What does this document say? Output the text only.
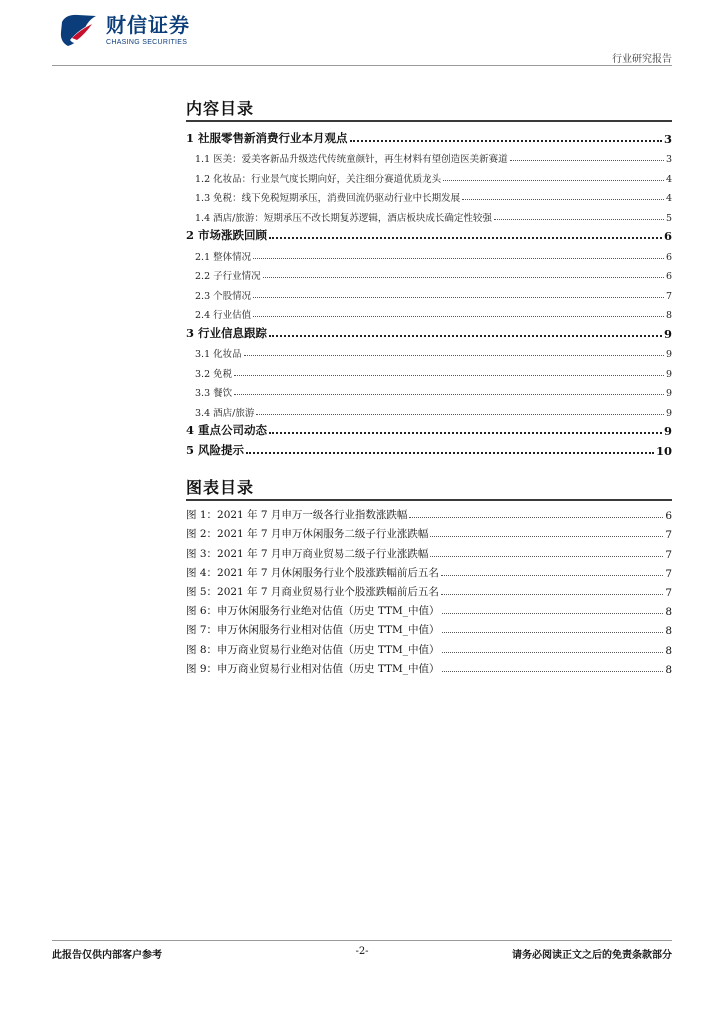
财信证券
CHASING SECURITIES
行业研究报告
内容目录
1 社服零售新消费行业本月观点	3
1.1 医美：爱美客新品升级迭代传统童颜针，再生材料有望创造医美新赛道	3
1.2 化妆品：行业景气度长期向好，关注细分赛道优质龙头	4
1.3 免税：线下免税短期承压，消费回流仍驱动行业中长期发展	4
1.4 酒店/旅游：短期承压不改长期复苏逻辑，酒店板块成长确定性较强	5
2 市场涨跌回顾	6
2.1 整体情况	6
2.2 子行业情况	6
2.3 个股情况	7
2.4 行业估值	8
3 行业信息跟踪	9
3.1 化妆品	9
3.2 免税	9
3.3 餐饮	9
3.4 酒店/旅游	9
4 重点公司动态	9
5 风险提示	10
图表目录
图 1：2021 年 7 月申万一级各行业指数涨跌幅	6
图 2：2021 年 7 月申万休闲服务二级子行业涨跌幅	7
图 3：2021 年 7 月申万商业贸易二级子行业涨跌幅	7
图 4：2021 年 7 月休闲服务行业个股涨跌幅前后五名	7
图 5：2021 年 7 月商业贸易行业个股涨跌幅前后五名	7
图 6：申万休闲服务行业绝对估值（历史 TTM_中值）	8
图 7：申万休闲服务行业相对估值（历史 TTM_中值）	8
图 8：申万商业贸易行业绝对估值（历史 TTM_中值）	8
图 9：申万商业贸易行业相对估值（历史 TTM_中值）	8
此报告仅供内部客户参考	-2-	请务必阅读正文之后的免责条款部分
